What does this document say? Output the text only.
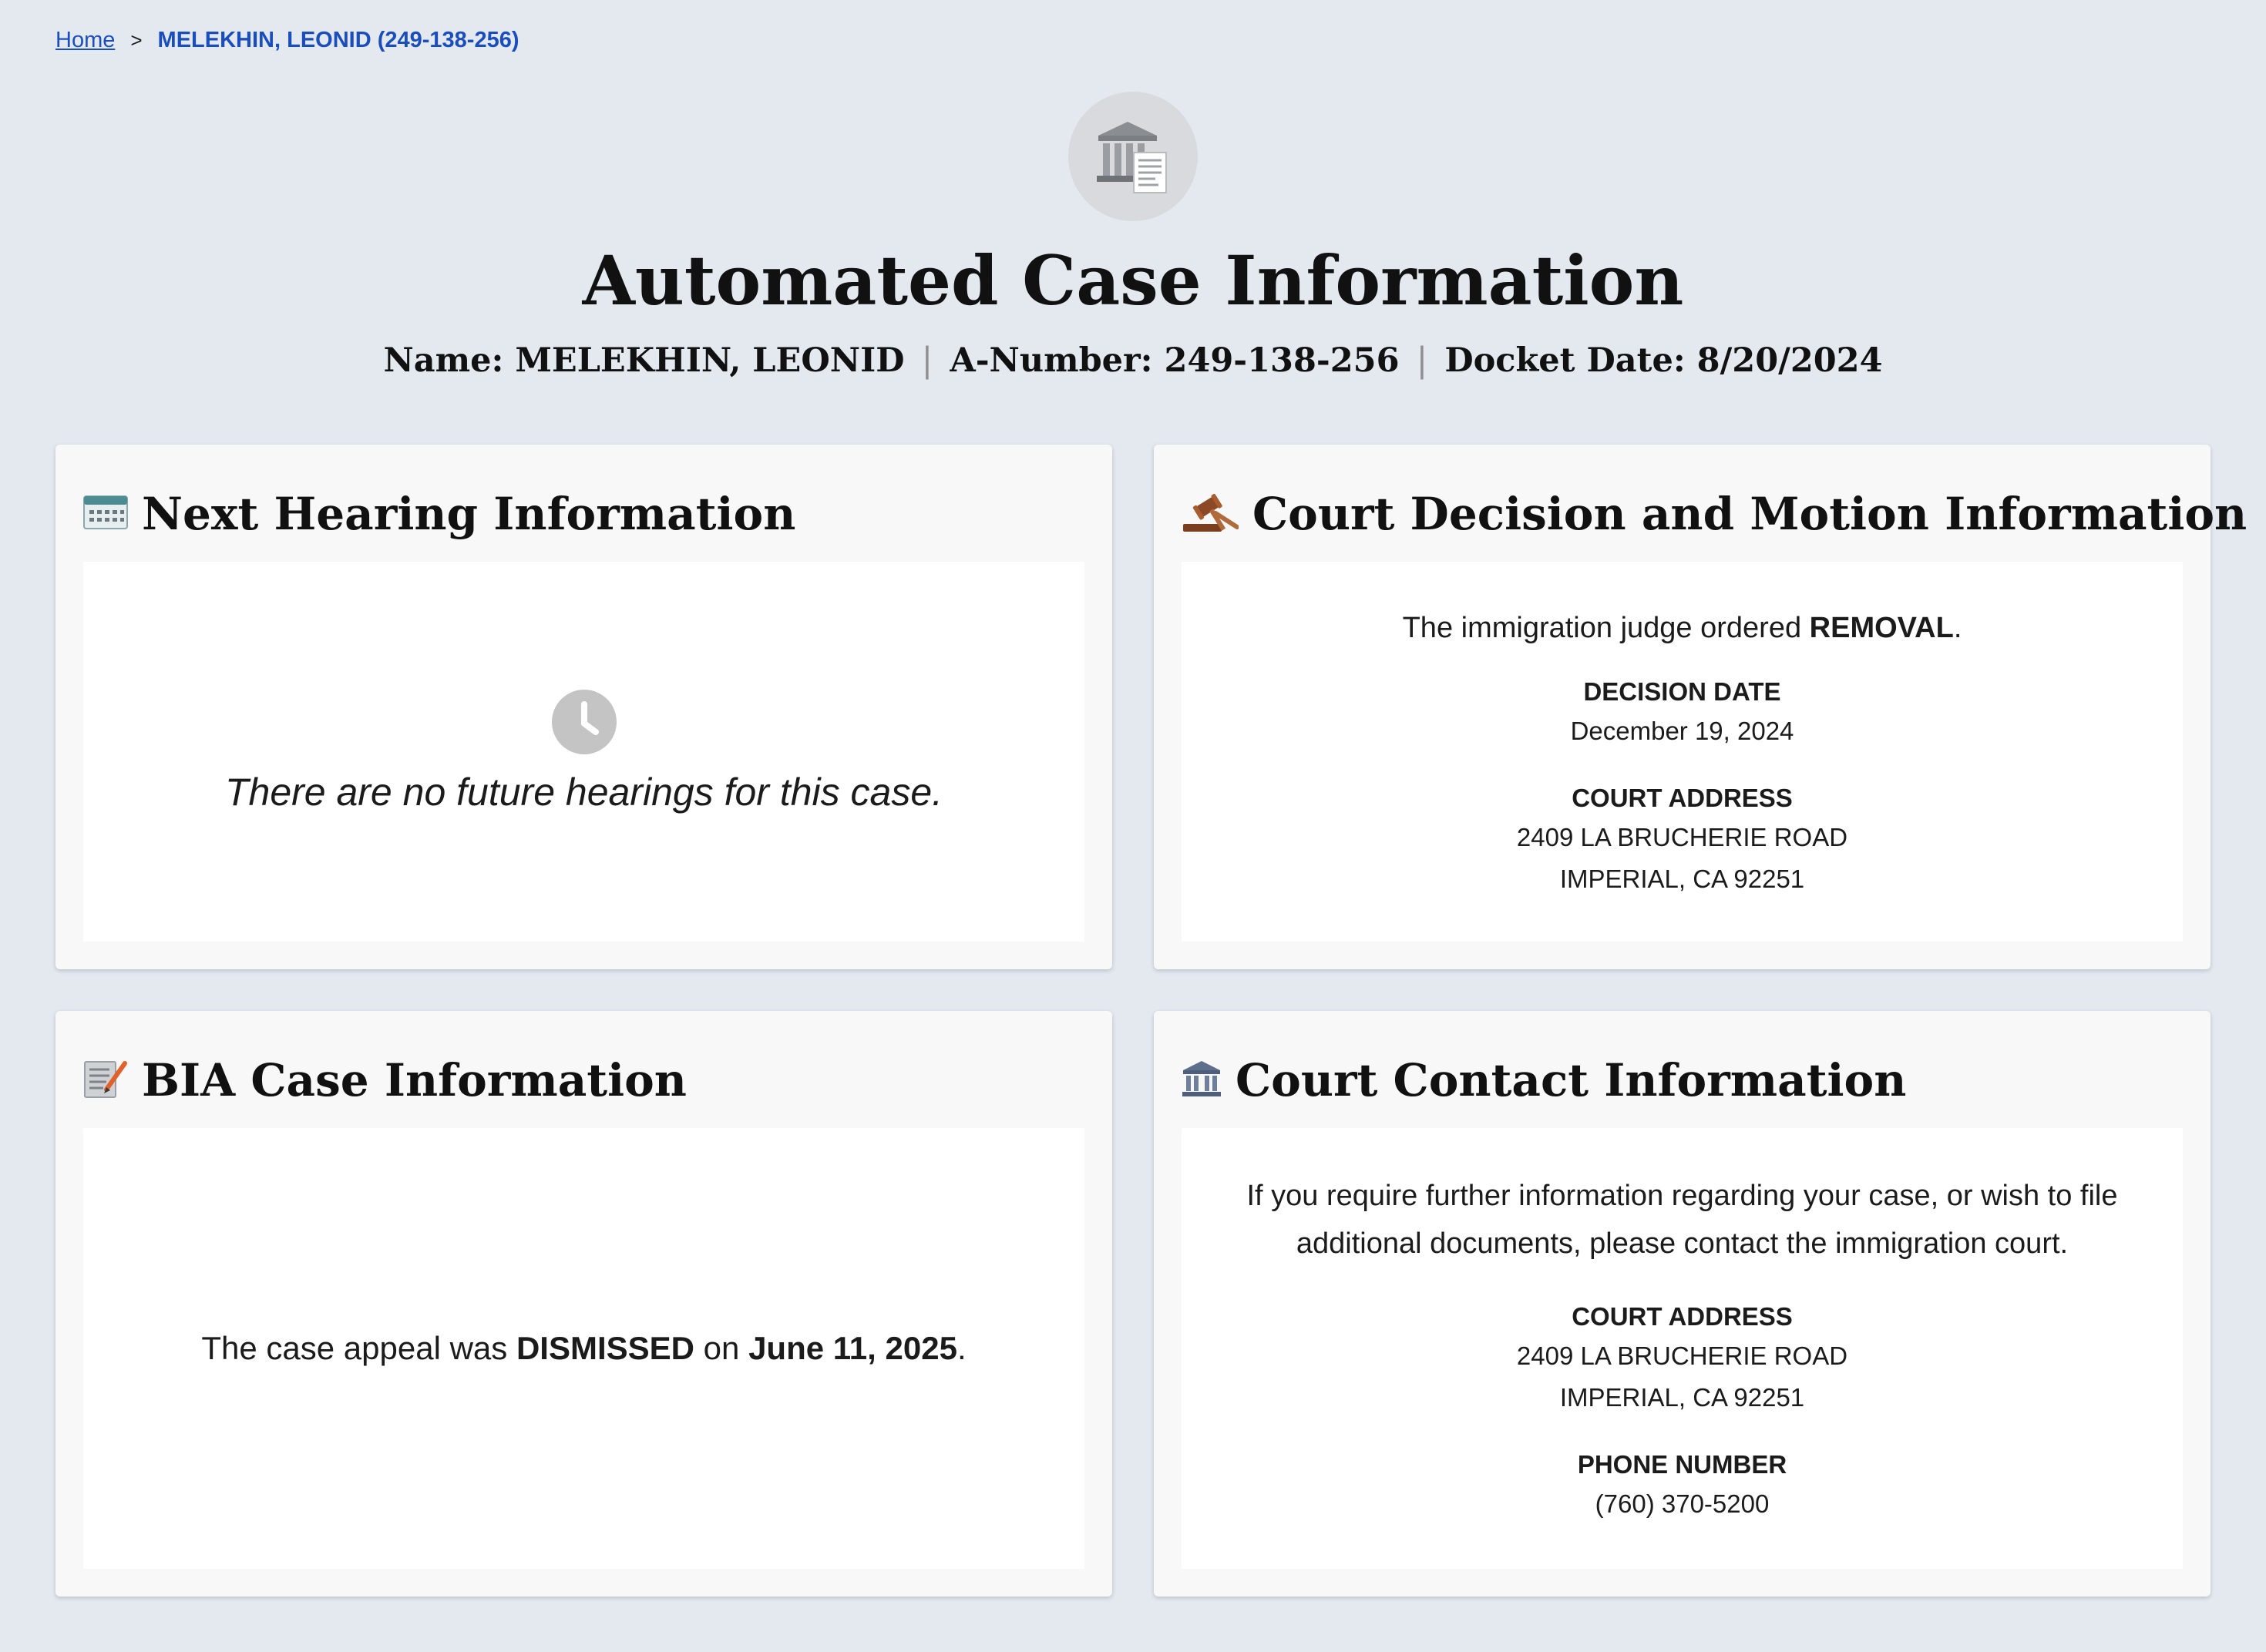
Home > MELEKHIN, LEONID (249-138-256)
Automated Case Information
Name: MELEKHIN, LEONID | A-Number: 249-138-256 | Docket Date: 8/20/2024
Next Hearing Information
There are no future hearings for this case.
Court Decision and Motion Information
The immigration judge ordered REMOVAL.
DECISION DATE
December 19, 2024
COURT ADDRESS
2409 LA BRUCHERIE ROAD
IMPERIAL, CA 92251
BIA Case Information
The case appeal was DISMISSED on June 11, 2025.
Court Contact Information
If you require further information regarding your case, or wish to file
additional documents, please contact the immigration court.
COURT ADDRESS
2409 LA BRUCHERIE ROAD
IMPERIAL, CA 92251
PHONE NUMBER
(760) 370-5200
